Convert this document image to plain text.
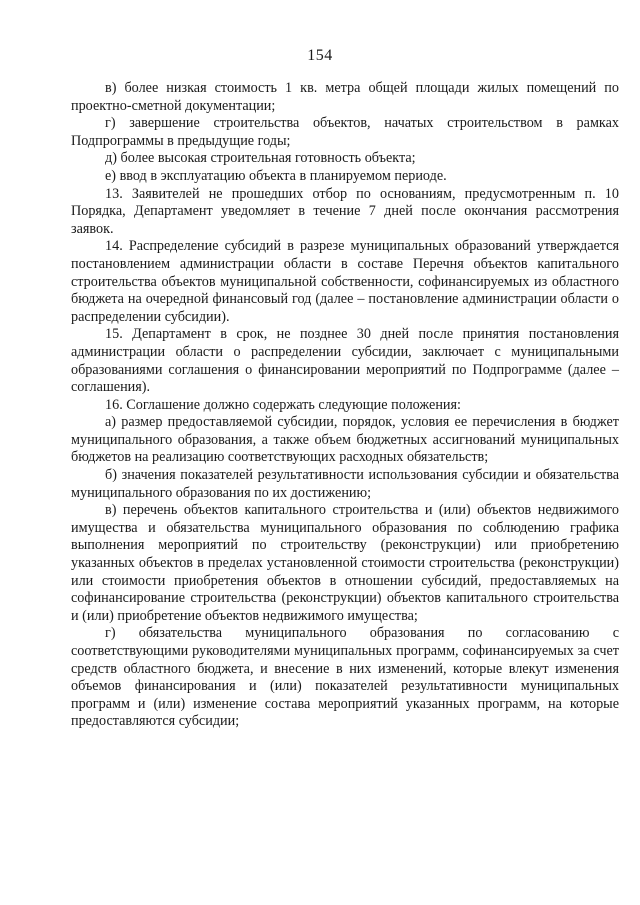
154

в) более низкая стоимость 1 кв. метра общей площади жилых помещений по проектно-сметной документации;

г) завершение строительства объектов, начатых строительством в рамках Подпрограммы в предыдущие годы;

д) более высокая строительная готовность объекта;

е) ввод в эксплуатацию объекта в планируемом периоде.

13. Заявителей не прошедших отбор по основаниям, предусмотренным п. 10 Порядка, Департамент уведомляет в течение 7 дней после окончания рассмотрения заявок.

14. Распределение субсидий в разрезе муниципальных образований утверждается постановлением администрации области в составе Перечня объектов капитального строительства объектов муниципальной собственности, софинансируемых из областного бюджета на очередной финансовый год (далее – постановление администрации области о распределении субсидии).

15. Департамент в срок, не позднее 30 дней после принятия постановления администрации области о распределении субсидии, заключает с муниципальными образованиями соглашения о финансировании мероприятий по Подпрограмме (далее – соглашения).

16. Соглашение должно содержать следующие положения:

а) размер предоставляемой субсидии, порядок, условия ее перечисления в бюджет муниципального образования, а также объем бюджетных ассигнований муниципальных бюджетов на реализацию соответствующих расходных обязательств;

б) значения показателей результативности использования субсидии и обязательства муниципального образования по их достижению;

в) перечень объектов капитального строительства и (или) объектов недвижимого имущества и обязательства муниципального образования по соблюдению графика выполнения мероприятий по строительству (реконструкции) или приобретению указанных объектов в пределах установленной стоимости строительства (реконструкции) или стоимости приобретения объектов в отношении субсидий, предоставляемых на софинансирование строительства (реконструкции) объектов капитального строительства и (или) приобретение объектов недвижимого имущества;

г) обязательства муниципального образования по согласованию с соответствующими руководителями муниципальных программ, софинансируемых за счет средств областного бюджета, и внесение в них изменений, которые влекут изменения объемов финансирования и (или) показателей результативности муниципальных программ и (или) изменение состава мероприятий указанных программ, на которые предоставляются субсидии;
